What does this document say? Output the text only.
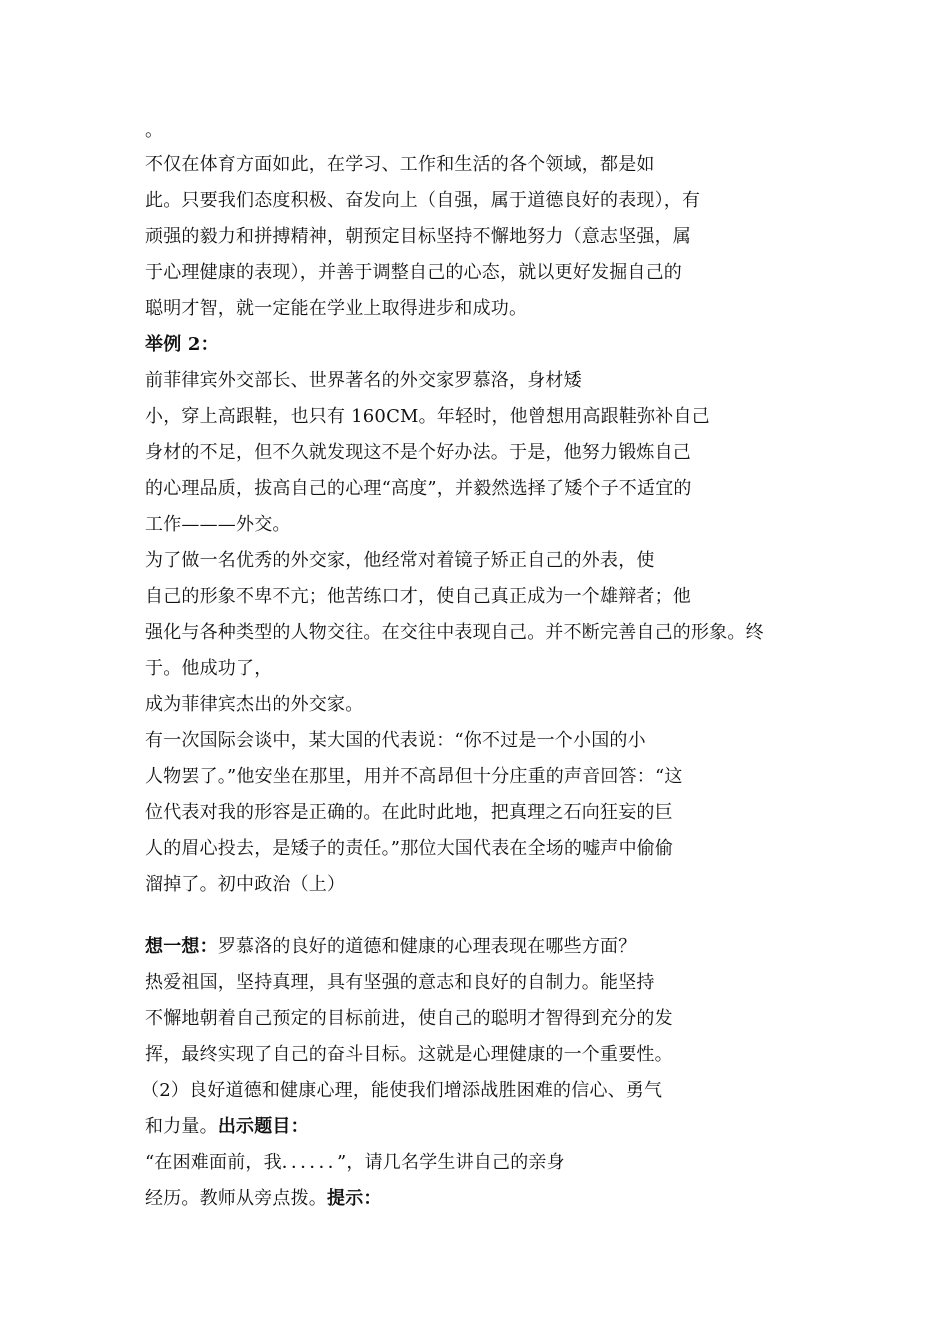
。
不仅在体育方面如此，在学习、工作和生活的各个领域，都是如
此。只要我们态度积极、奋发向上（自强，属于道德良好的表现），有
顽强的毅力和拼搏精神，朝预定目标坚持不懈地努力（意志坚强，属
于心理健康的表现），并善于调整自己的心态，就以更好发掘自己的
聪明才智，就一定能在学业上取得进步和成功。
举例 2：
前菲律宾外交部长、世界著名的外交家罗慕洛，身材矮
小，穿上高跟鞋，也只有 160CM。年轻时，他曾想用高跟鞋弥补自己
身材的不足，但不久就发现这不是个好办法。于是，他努力锻炼自己
的心理品质，拔高自己的心理“高度”，并毅然选择了矮个子不适宜的
工作———外交。
为了做一名优秀的外交家，他经常对着镜子矫正自己的外表，使
自己的形象不卑不亢；他苦练口才，使自己真正成为一个雄辩者；他
强化与各种类型的人物交往。在交往中表现自己。并不断完善自己的形象。终
于。他成功了，
成为菲律宾杰出的外交家。
有一次国际会谈中，某大国的代表说：“你不过是一个小国的小
人物罢了。”他安坐在那里，用并不高昂但十分庄重的声音回答：“这
位代表对我的形容是正确的。在此时此地，把真理之石向狂妄的巨
人的眉心投去，是矮子的责任。”那位大国代表在全场的嘘声中偷偷
溜掉了。初中政治（上）
想一想：罗慕洛的良好的道德和健康的心理表现在哪些方面？
热爱祖国，坚持真理，具有坚强的意志和良好的自制力。能坚持
不懈地朝着自己预定的目标前进，使自己的聪明才智得到充分的发
挥，最终实现了自己的奋斗目标。这就是心理健康的一个重要性。
（2）良好道德和健康心理，能使我们增添战胜困难的信心、勇气
和力量。出示题目：
“在困难面前，我．．．．．．”，请几名学生讲自己的亲身
经历。教师从旁点拨。提示：
